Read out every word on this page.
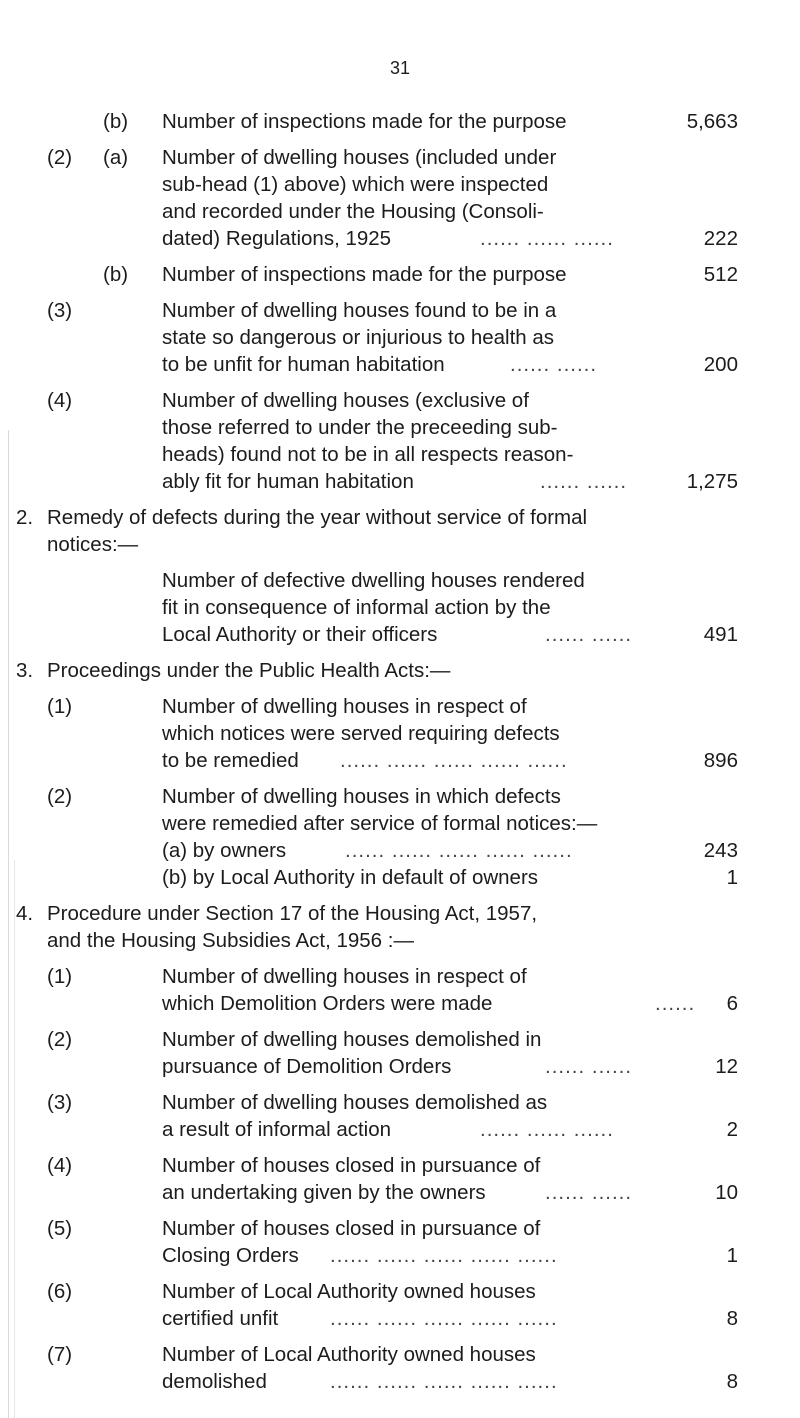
31
(b) Number of inspections made for the purpose	5,663
(2) (a) Number of dwelling houses (included under
sub-head (1) above) which were inspected
and recorded under the Housing (Consoli-
dated) Regulations, 1925	...... ...... ......	222
(b) Number of inspections made for the purpose	512
(3)	Number of dwelling houses found to be in a
state so dangerous or injurious to health as
to be unfit for human habitation	...... ......	200
(4)	Number of dwelling houses (exclusive of
those referred to under the preceeding sub-
heads) found not to be in all respects reason-
ably fit for human habitation	...... ......	1,275
2. Remedy of defects during the year without service of formal
notices:—
Number of defective dwelling houses rendered
fit in consequence of informal action by the
Local Authority or their officers	...... ......	491
3. Proceedings under the Public Health Acts:—
(1)	Number of dwelling houses in respect of
which notices were served requiring defects
to be remedied ...... ...... ...... ...... ......	896
(2)	Number of dwelling houses in which defects
were remedied after service of formal notices:—
(a) by owners	...... ...... ...... ...... ......	243
(b) by Local Authority in default of owners	1
4. Procedure under Section 17 of the Housing Act, 1957,
and the Housing Subsidies Act, 1956 :—
(1)	Number of dwelling houses in respect of
which Demolition Orders were made	...... 6
(2)	Number of dwelling houses demolished in
pursuance of Demolition Orders	...... ......	12
(3)	Number of dwelling houses demolished as
a result of informal action	...... ...... ......	2
(4)	Number of houses closed in pursuance of
an undertaking given by the owners	...... ......	10
(5)	Number of houses closed in pursuance of
Closing Orders ...... ...... ...... ...... ......	1
(6)	Number of Local Authority owned houses
certified unfit	...... ...... ...... ...... ......	8
(7)	Number of Local Authority owned houses
demolished	...... ...... ...... ...... ......	8
